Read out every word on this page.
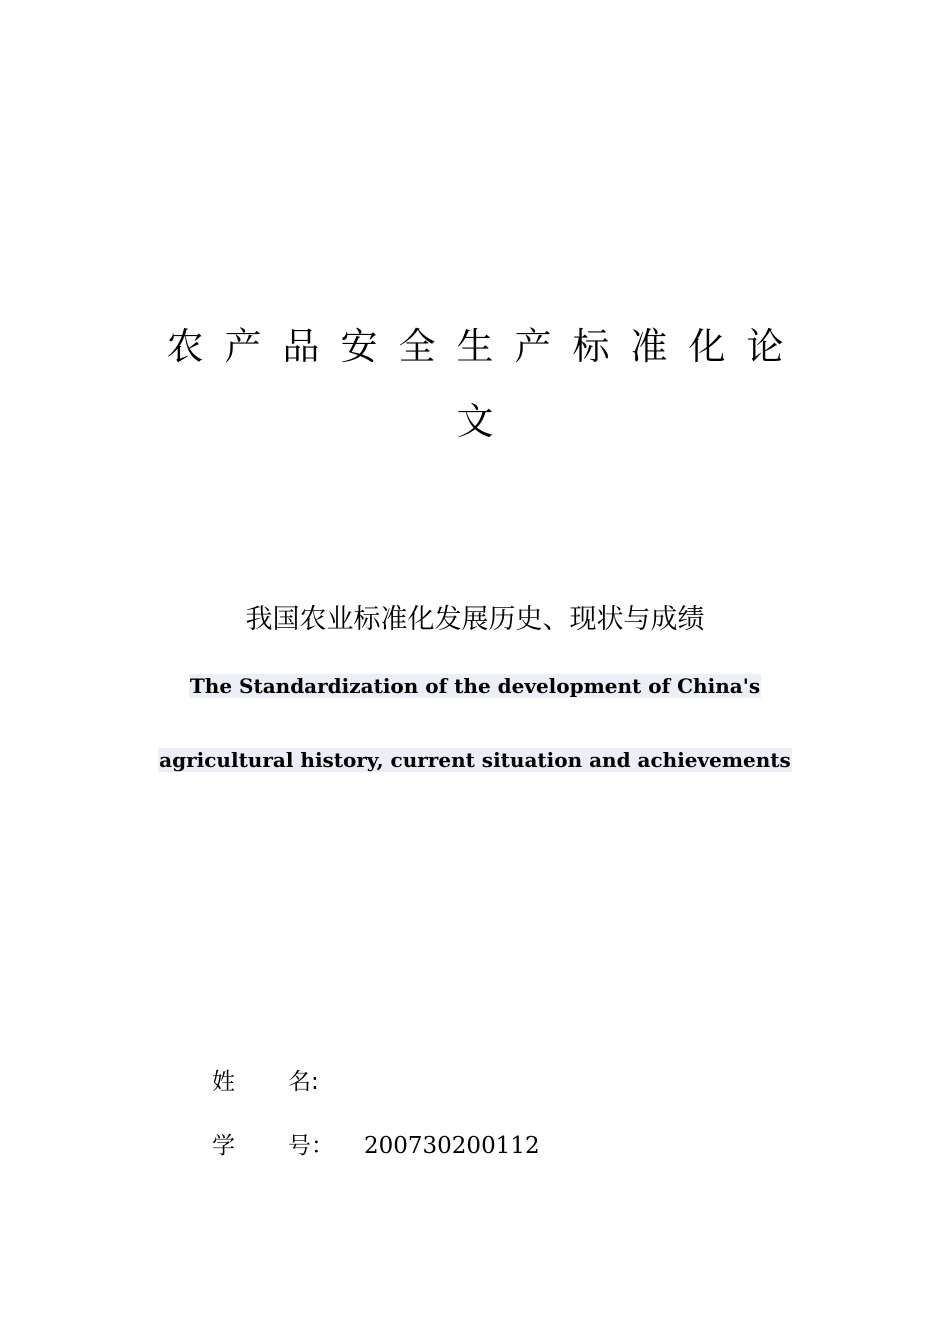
农产品安全生产标准化论
文
我国农业标准化发展历史、现状与成绩
The Standardization of the development of China's
agricultural history, current situation and achievements
姓 名:
学 号： 200730200112
